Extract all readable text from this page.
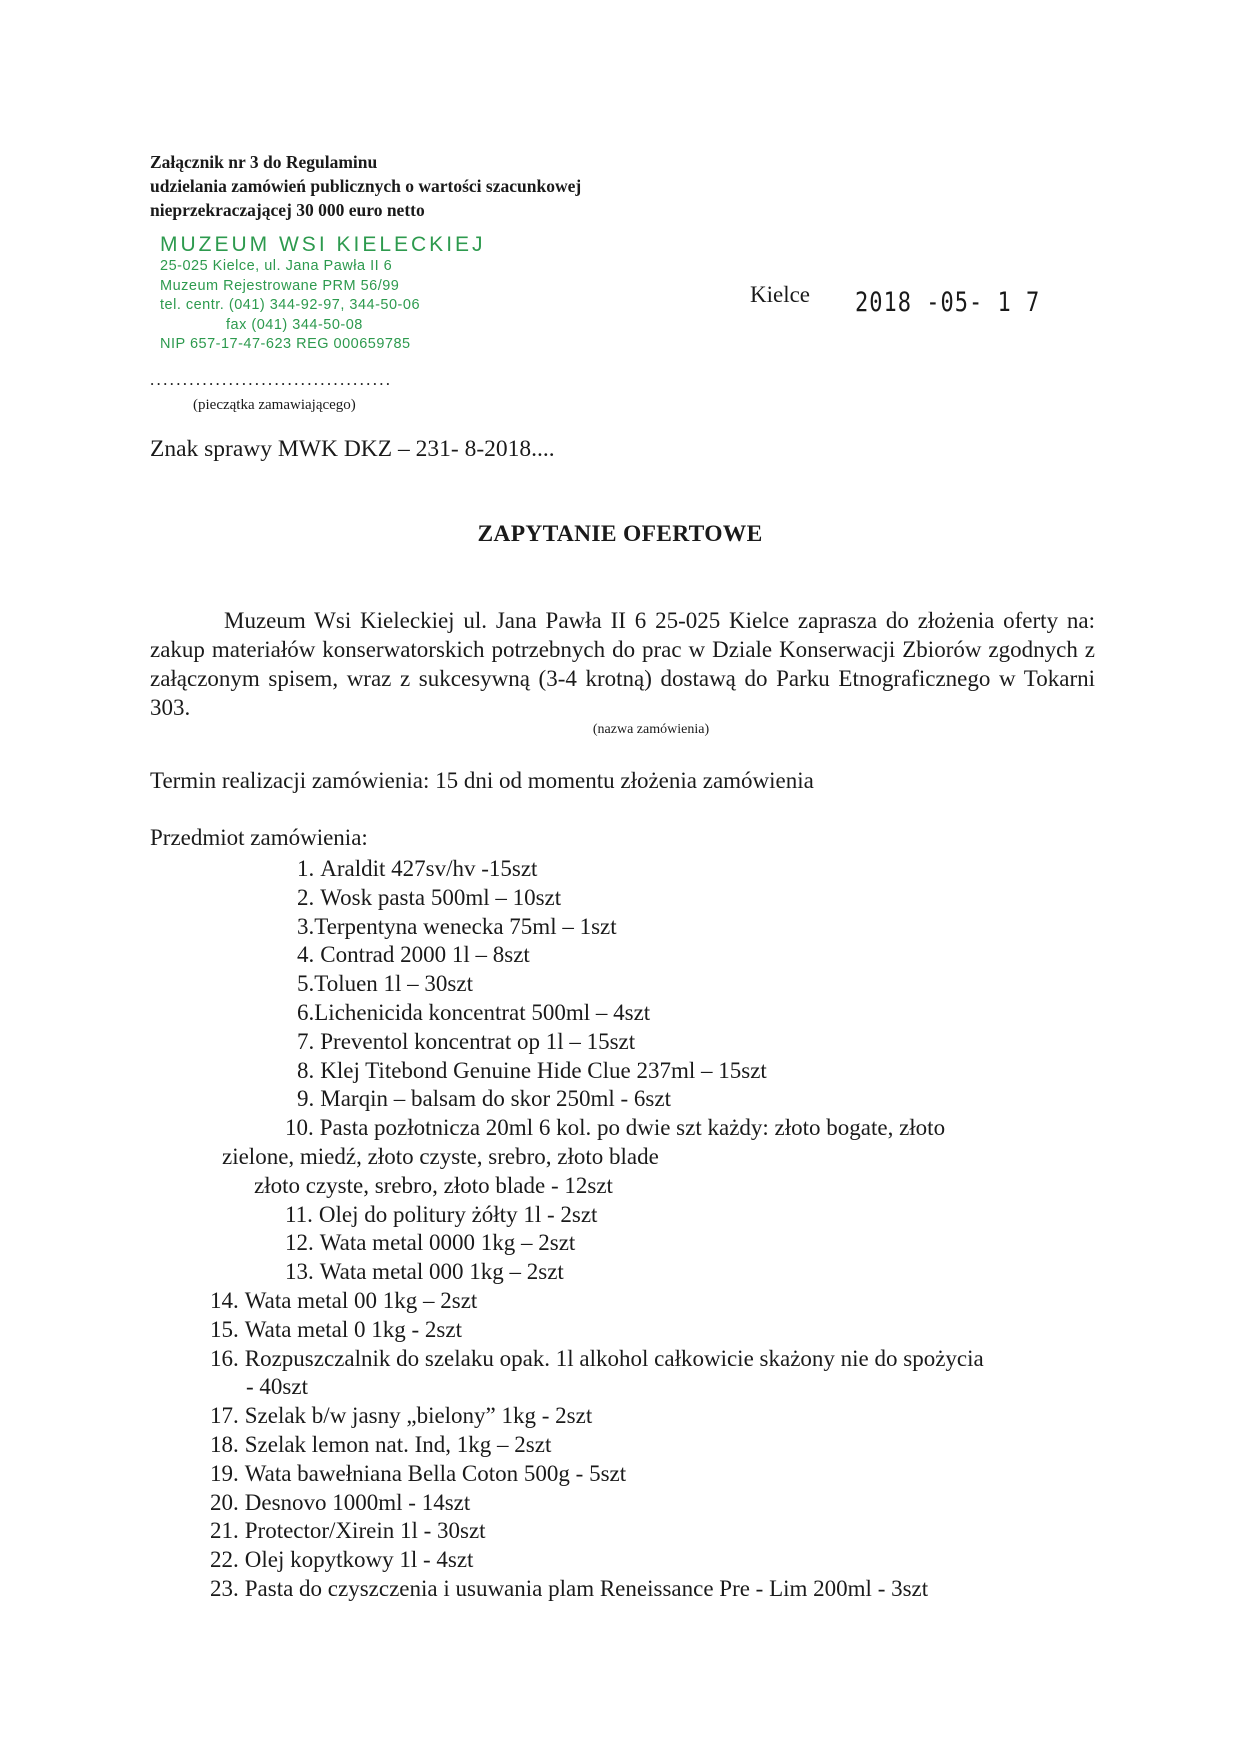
Załącznik nr 3 do Regulaminu
udzielania zamówień publicznych o wartości szacunkowej
nieprzekraczającej 30 000 euro netto
MUZEUM WSI KIELECKIEJ
25-025 Kielce, ul. Jana Pawła II 6
Muzeum Rejestrowane PRM 56/99
tel. centr. (041) 344-92-97, 344-50-06
fax (041) 344-50-08
NIP 657-17-47-623 REG 000659785
Kielce 2018 -05- 1 7
.....................................
(pieczątka zamawiającego)
Znak sprawy MWK DKZ – 231- 8-2018....
ZAPYTANIE OFERTOWE

Muzeum Wsi Kieleckiej ul. Jana Pawła II 6 25-025 Kielce zaprasza do złożenia oferty na: zakup materiałów konserwatorskich potrzebnych do prac w Dziale Konserwacji Zbiorów zgodnych z załączonym spisem, wraz z sukcesywną (3-4 krotną) dostawą do Parku Etnograficznego w Tokarni 303.

(nazwa zamówienia)
Termin realizacji zamówienia: 15 dni od momentu złożenia zamówienia
Przedmiot zamówienia:
1. Araldit 427sv/hv -15szt
2. Wosk pasta 500ml – 10szt
3.Terpentyna wenecka 75ml – 1szt
4. Contrad 2000 1l – 8szt
5.Toluen 1l – 30szt
6.Lichenicida koncentrat 500ml – 4szt
7. Preventol koncentrat op 1l – 15szt
8. Klej Titebond Genuine Hide Clue 237ml – 15szt
9. Marqin – balsam do skor 250ml - 6szt
10. Pasta pozłotnicza 20ml 6 kol. po dwie szt każdy: złoto bogate, złoto
zielone, miedź, złoto czyste, srebro, złoto blade
złoto czyste, srebro, złoto blade - 12szt
11. Olej do politury żółty 1l - 2szt
12. Wata metal 0000 1kg – 2szt
13. Wata metal 000 1kg – 2szt
14. Wata metal 00 1kg – 2szt
15. Wata metal 0 1kg - 2szt
16. Rozpuszczalnik do szelaku opak. 1l alkohol całkowicie skażony nie do spożycia
- 40szt
17. Szelak b/w jasny „bielony” 1kg - 2szt
18. Szelak lemon nat. Ind, 1kg – 2szt
19. Wata bawełniana Bella Coton 500g - 5szt
20. Desnovo 1000ml - 14szt
21. Protector/Xirein 1l - 30szt
22. Olej kopytkowy 1l - 4szt
23. Pasta do czyszczenia i usuwania plam Reneissance Pre - Lim 200ml - 3szt
